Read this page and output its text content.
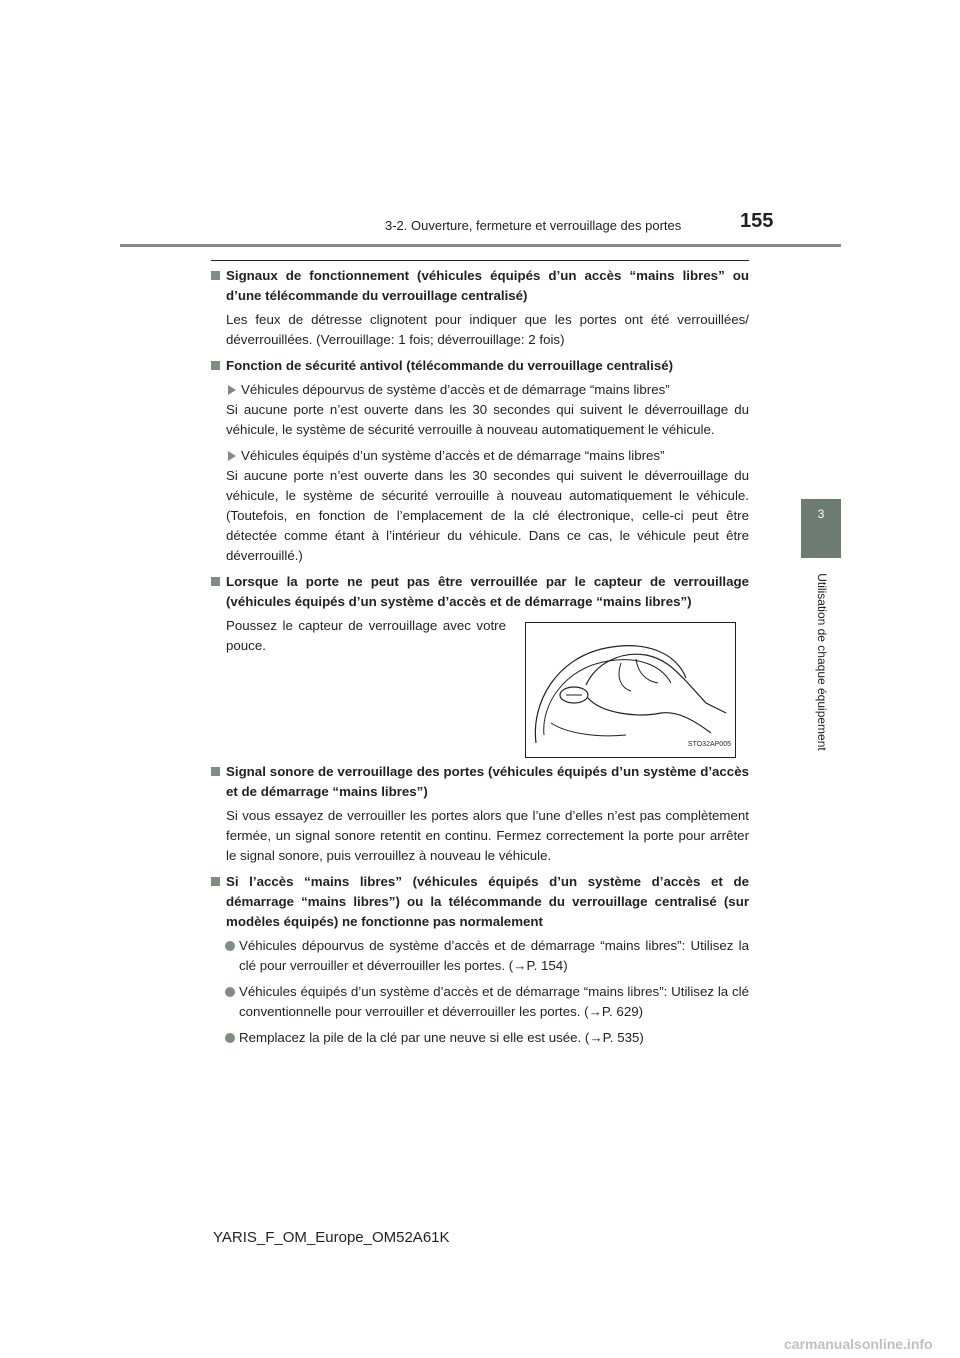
3-2. Ouverture, fermeture et verrouillage des portes	155
3
Utilisation de chaque équipement
Signaux de fonctionnement (véhicules équipés d’un accès “mains libres” ou d’une télécommande du verrouillage centralisé)
Les feux de détresse clignotent pour indiquer que les portes ont été verrouillées/ déverrouillées. (Verrouillage: 1 fois; déverrouillage: 2 fois)
Fonction de sécurité antivol (télécommande du verrouillage centralisé)
Véhicules dépourvus de système d’accès et de démarrage “mains libres”
Si aucune porte n’est ouverte dans les 30 secondes qui suivent le déverrouillage du véhicule, le système de sécurité verrouille à nouveau automatiquement le véhicule.
Véhicules équipés d’un système d’accès et de démarrage “mains libres”
Si aucune porte n’est ouverte dans les 30 secondes qui suivent le déverrouillage du véhicule, le système de sécurité verrouille à nouveau automatiquement le véhicule. (Toutefois, en fonction de l’emplacement de la clé électronique, celle-ci peut être détectée comme étant à l’intérieur du véhicule. Dans ce cas, le véhicule peut être déverrouillé.)
Lorsque la porte ne peut pas être verrouillée par le capteur de verrouillage (véhicules équipés d’un système d’accès et de démarrage “mains libres”)
Poussez le capteur de verrouillage avec votre pouce.
STO32AP005
Signal sonore de verrouillage des portes (véhicules équipés d’un système d’accès et de démarrage “mains libres”)
Si vous essayez de verrouiller les portes alors que l’une d’elles n’est pas complètement fermée, un signal sonore retentit en continu. Fermez correctement la porte pour arrêter le signal sonore, puis verrouillez à nouveau le véhicule.
Si l’accès “mains libres” (véhicules équipés d’un système d’accès et de démarrage “mains libres”) ou la télécommande du verrouillage centralisé (sur modèles équipés) ne fonctionne pas normalement
Véhicules dépourvus de système d’accès et de démarrage “mains libres”: Utilisez la clé pour verrouiller et déverrouiller les portes. (→P. 154)
Véhicules équipés d’un système d’accès et de démarrage “mains libres”: Utilisez la clé conventionnelle pour verrouiller et déverrouiller les portes. (→P. 629)
Remplacez la pile de la clé par une neuve si elle est usée. (→P. 535)
YARIS_F_OM_Europe_OM52A61K
carmanualsonline.info
